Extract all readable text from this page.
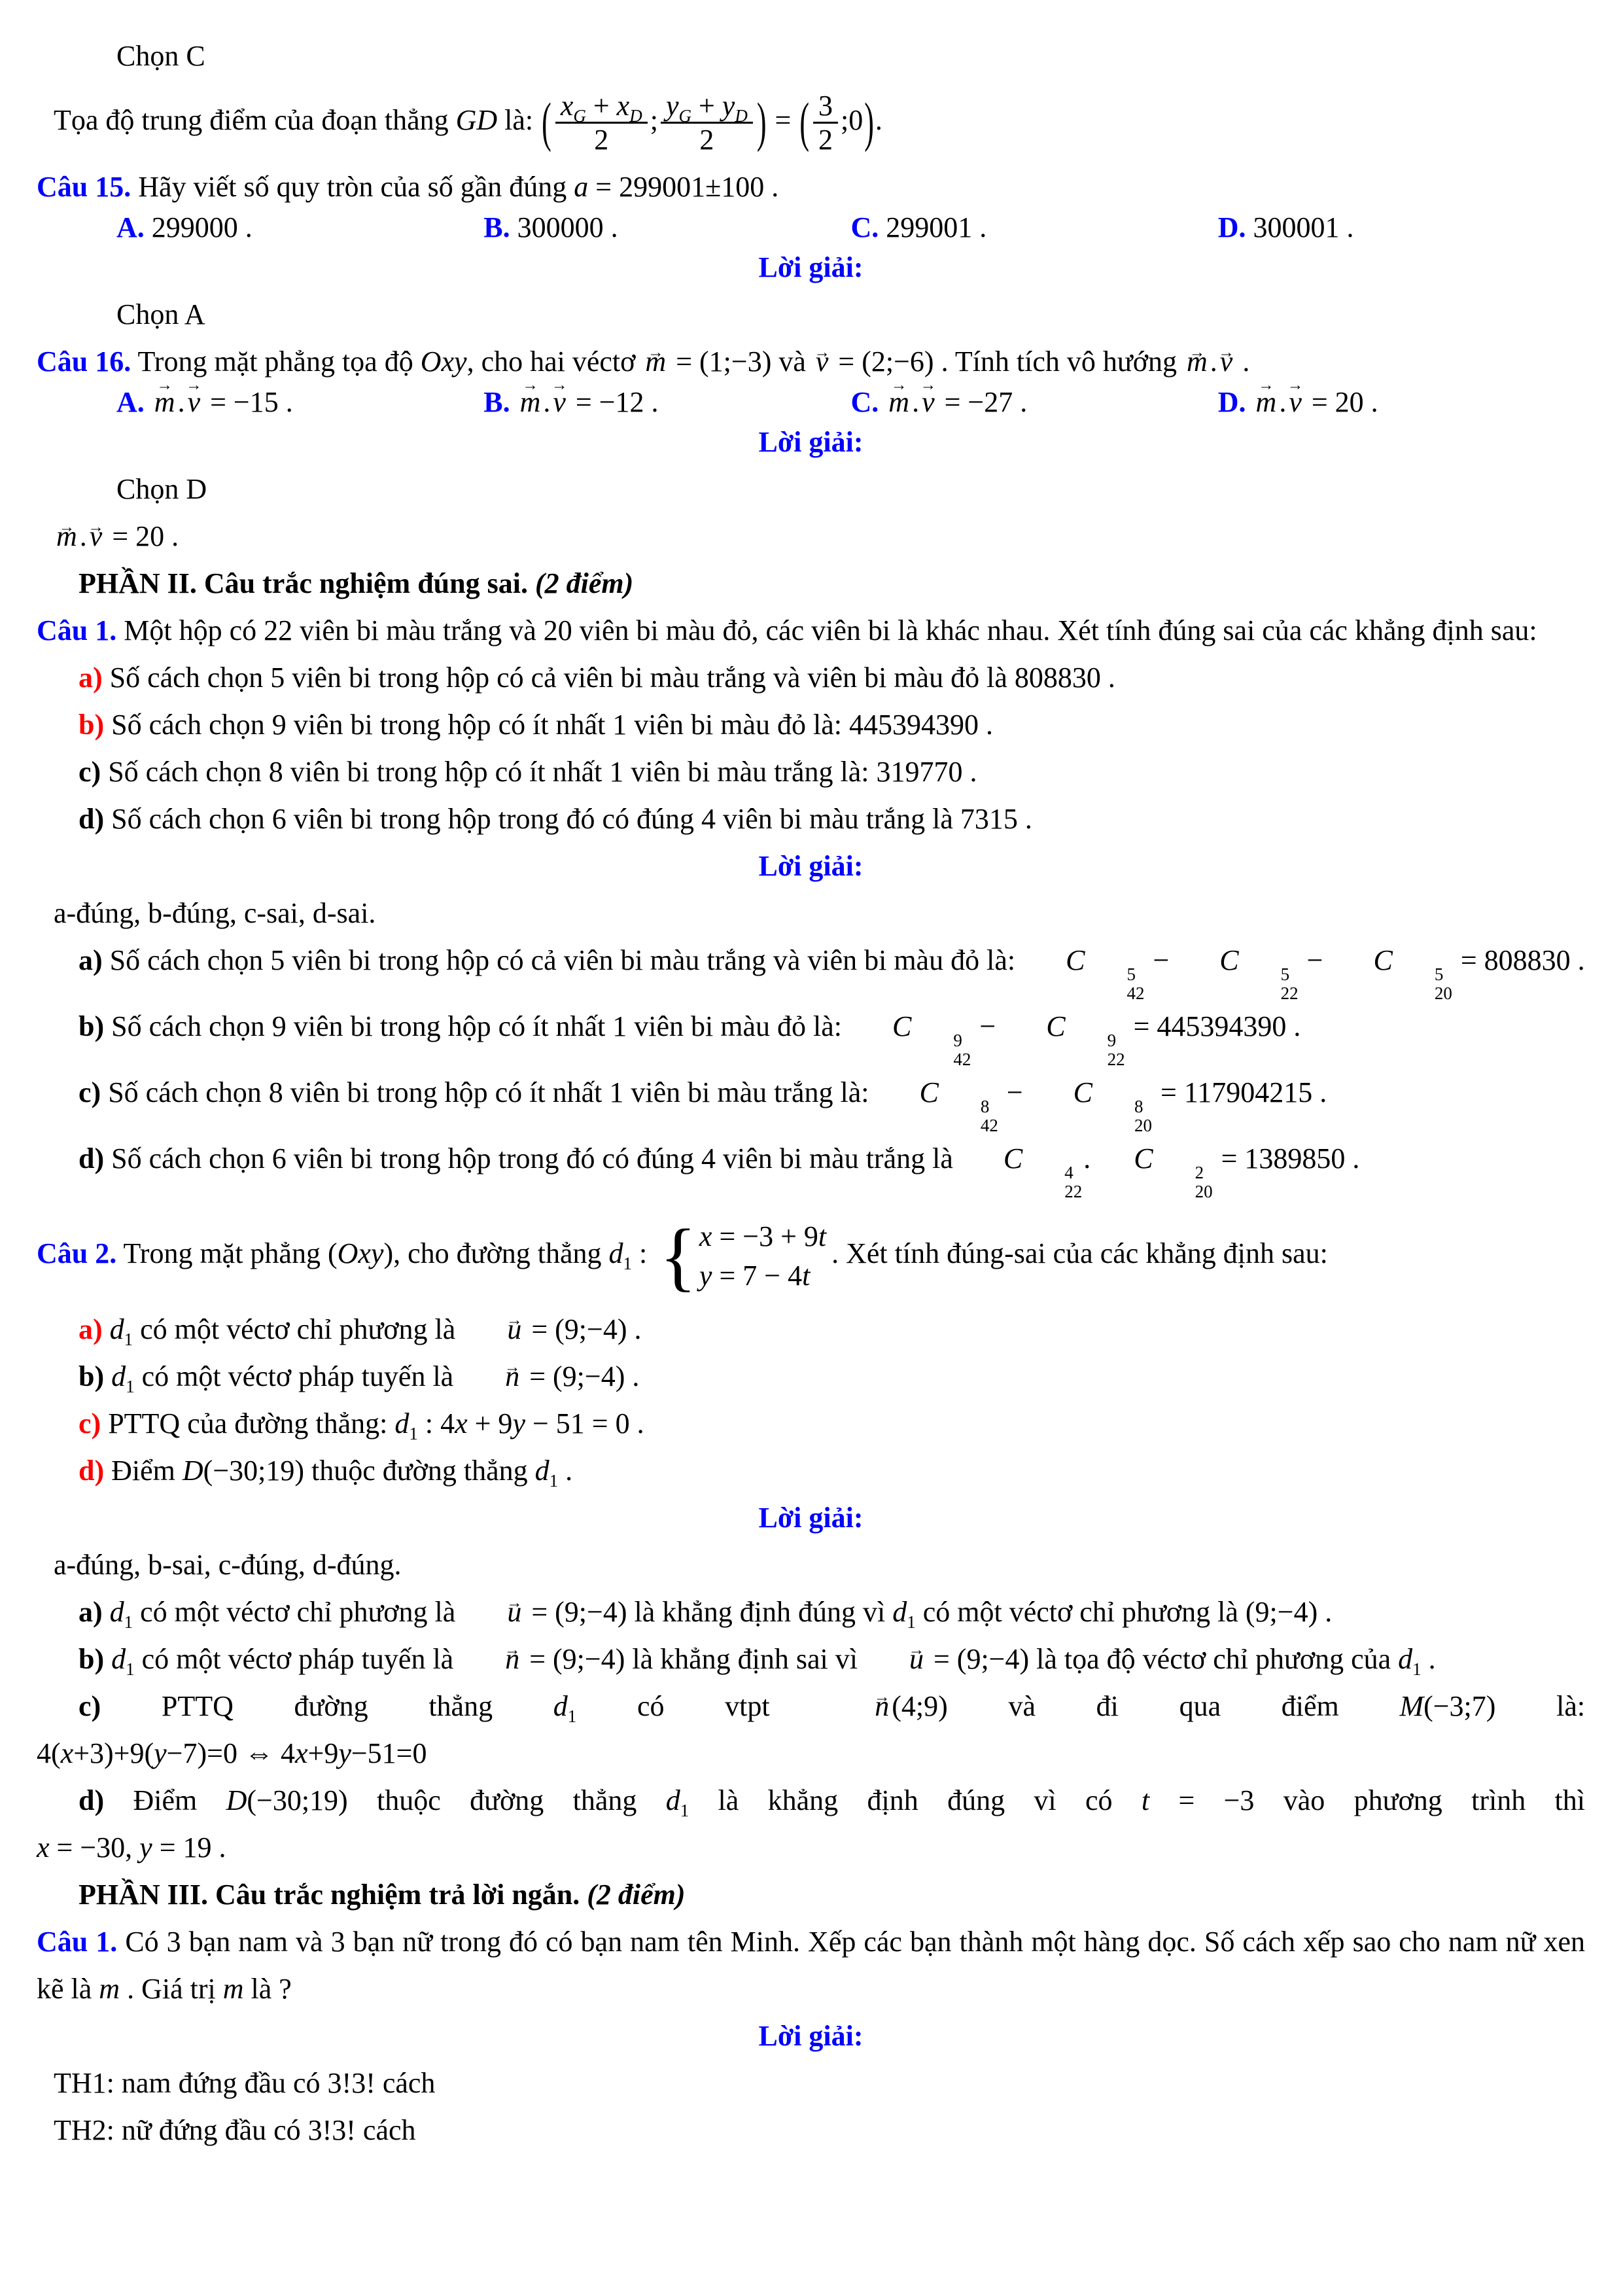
Chọn C

Tọa độ trung điểm của đoạn thẳng GD là: ( $\frac{x_G + x_D}{2}$ ; $\frac{y_G + y_D}{2}$ ) = ( $\frac{3}{2}$ ;0).

Câu 15. Hãy viết số quy tròn của số gần đúng a = 299001±100 .

A. 299000 .	B. 300000 .	C. 299001 .	D. 300001 .

Lời giải:

Chọn A

Câu 16. Trong mặt phẳng tọa độ Oxy, cho hai véctơ m → = (1;−3) và v → = (2;−6) . Tính tích vô hướng m →.v → .

A. m →.v → = −15 .	B. m →.v → = −12 .	C. m →.v → = −27 .	D. m →.v → = 20 .

Lời giải:

Chọn D

m →.v → = 20 .

PHẦN II. Câu trắc nghiệm đúng sai. (2 điểm)

Câu 1. Một hộp có 22 viên bi màu trắng và 20 viên bi màu đỏ, các viên bi là khác nhau. Xét tính đúng sai của các khẳng định sau:

a) Số cách chọn 5 viên bi trong hộp có cả viên bi màu trắng và viên bi màu đỏ là 808830 .

b) Số cách chọn 9 viên bi trong hộp có ít nhất 1 viên bi màu đỏ là: 445394390 .

c) Số cách chọn 8 viên bi trong hộp có ít nhất 1 viên bi màu trắng là: 319770 .

d) Số cách chọn 6 viên bi trong hộp trong đó có đúng 4 viên bi màu trắng là 7315 .

Lời giải:

a-đúng, b-đúng, c-sai, d-sai.

a) Số cách chọn 5 viên bi trong hộp có cả viên bi màu trắng và viên bi màu đỏ là: C	5
42
− C	5
22
− C	5
20
= 808830 .

b) Số cách chọn 9 viên bi trong hộp có ít nhất 1 viên bi màu đỏ là: C	9
42
− C	9
22
= 445394390 .

c) Số cách chọn 8 viên bi trong hộp có ít nhất 1 viên bi màu trắng là: C	8
42
− C	8
20
= 117904215 .

d) Số cách chọn 6 viên bi trong hộp trong đó có đúng 4 viên bi màu trắng là C	4
22
. C	2
20
= 1389850 .

Câu 2. Trong mặt phẳng (Oxy), cho đường thẳng $d_1$ : { x = −3 + 9t
y = 7 − 4t
. Xét tính đúng-sai của các khẳng định sau:

a) $d_1$ có một véctơ chỉ phương là u → = (9;−4) .

b) $d_1$ có một véctơ pháp tuyến là n → = (9;−4) .

c) PTTQ của đường thẳng: $d_1$ : 4x + 9y − 51 = 0 .

d) Điểm D(−30;19) thuộc đường thẳng $d_1$ .

Lời giải:

a-đúng, b-sai, c-đúng, d-đúng.

a) $d_1$ có một véctơ chỉ phương là u → = (9;−4) là khẳng định đúng vì $d_1$ có một véctơ chỉ phương là (9;−4) .

b) $d_1$ có một véctơ pháp tuyến là n → = (9;−4) là khẳng định sai vì u → = (9;−4) là tọa độ véctơ chỉ phương của $d_1$ .

c) PTTQ đường thẳng $d_1$ có vtpt	n →(4;9) và đi qua điểm M(−3;7) là:

4(x+3)+9(y−7)=0 ⇔ 4x+9y−51=0

d) Điểm D(−30;19) thuộc đường thẳng $d_1$ là khẳng định đúng vì có t = −3 vào phương trình thì

x = −30, y = 19 .

PHẦN III. Câu trắc nghiệm trả lời ngắn. (2 điểm)

Câu 1. Có 3 bạn nam và 3 bạn nữ trong đó có bạn nam tên Minh. Xếp các bạn thành một hàng dọc. Số cách xếp sao cho nam nữ xen kẽ là m . Giá trị m là ?

Lời giải:

TH1: nam đứng đầu có 3!3! cách

TH2: nữ đứng đầu có 3!3! cách
